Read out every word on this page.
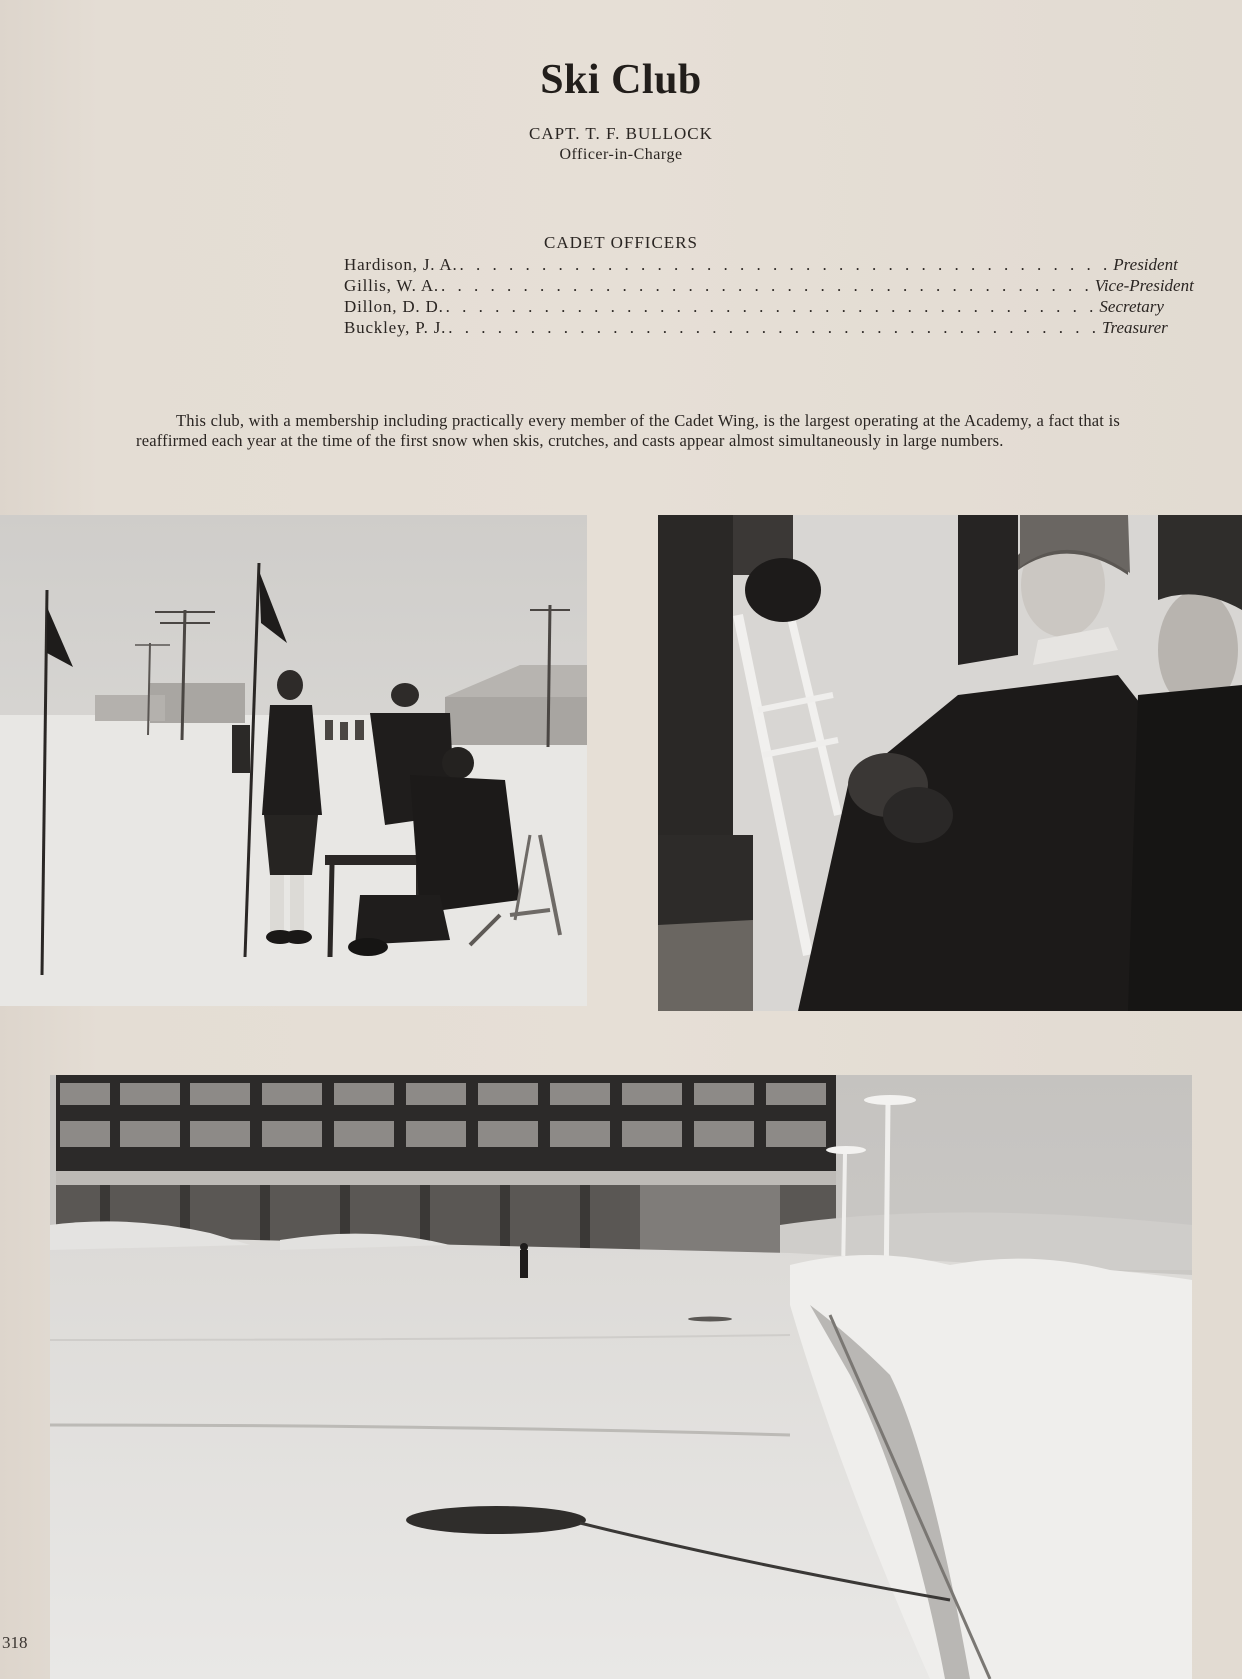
Ski Club
CAPT. T. F. BULLOCK
Officer-in-Charge
CADET OFFICERS
Hardison, J. A. . . . . . . . . . . . . . . . . . . . . . . . . . . . . . . . . . . . . . . . . President
Gillis, W. A. . . . . . . . . . . . . . . . . . . . . . . . . . . . . . . . . . . . . . . . . Vice-President
Dillon, D. D. . . . . . . . . . . . . . . . . . . . . . . . . . . . . . . . . . . . . . . . . Secretary
Buckley, P. J. . . . . . . . . . . . . . . . . . . . . . . . . . . . . . . . . . . . . . . . . Treasurer

This club, with a membership including practically every member of the Cadet Wing, is the largest operating at the Academy, a fact that is reaffirmed each year at the time of the first snow when skis, crutches, and casts appear almost simultaneously in large numbers.

318
